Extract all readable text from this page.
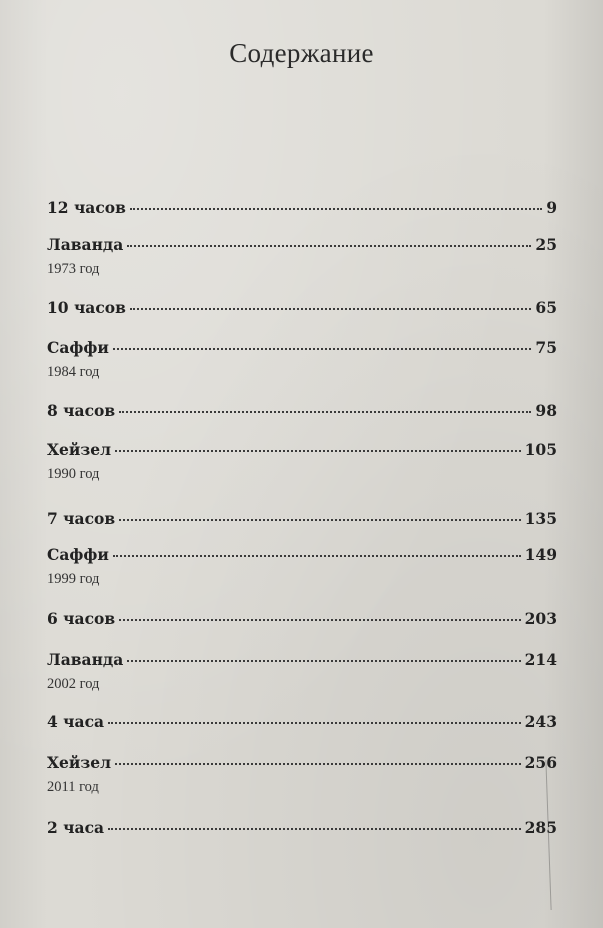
Содержание
12 часов	9
Лаванда	25
1973 год
10 часов	65
Саффи	75
1984 год
8 часов	98
Хейзел	105
1990 год
7 часов	135
Саффи	149
1999 год
6 часов	203
Лаванда	214
2002 год
4 часа	243
Хейзел	256
2011 год
2 часа	285
